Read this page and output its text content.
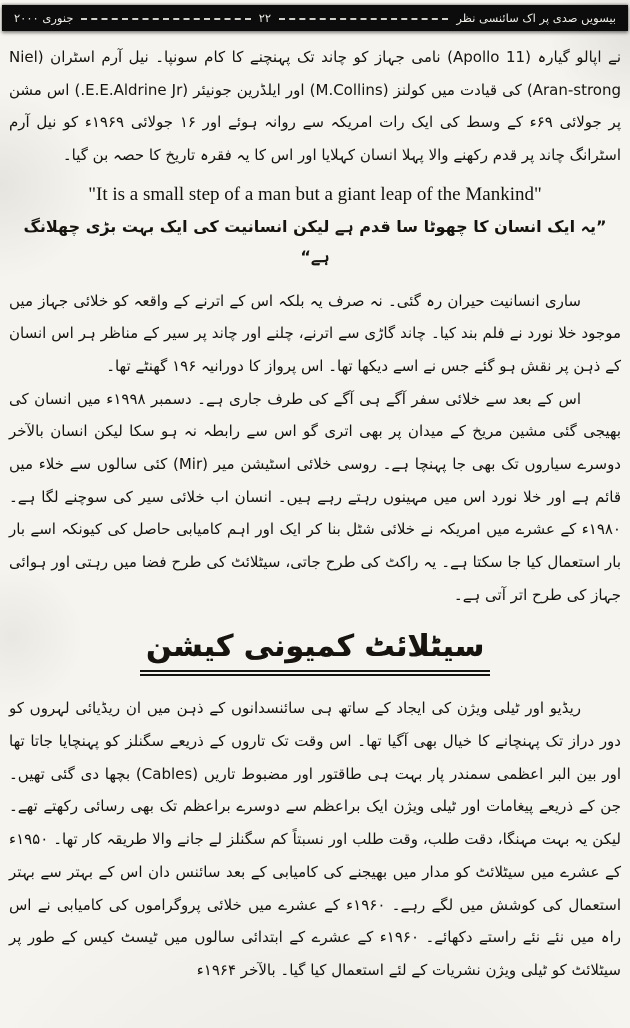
بیسویں صدی پر اک سائنسی نظر
۲۲
جنوری ۲۰۰۰

نے اپالو گیارہ (Apollo 11) نامی جہاز کو چاند تک پہنچنے کا کام سونپا۔ نیل آرم اسٹران (Niel Aran-strong) کی قیادت میں کولنز (M.Collins) اور ایلڈرین جونیئر (E.E.Aldrine Jr.) اس مشن پر جولائی ۶۹ء کے وسط کی ایک رات امریکہ سے روانہ ہوئے اور ۱۶ جولائی ۱۹۶۹ء کو نیل آرم اسٹرانگ چاند پر قدم رکھنے والا پہلا انسان کہلایا اور اس کا یہ فقرہ تاریخ کا حصہ بن گیا۔

"It is a small step of a man but a giant leap of the Mankind"

”یہ ایک انسان کا چھوٹا سا قدم ہے لیکن انسانیت کی ایک بہت بڑی چھلانگ ہے“

ساری انسانیت حیران رہ گئی۔ نہ صرف یہ بلکہ اس کے اترنے کے واقعہ کو خلائی جہاز میں موجود خلا نورد نے فلم بند کیا۔ چاند گاڑی سے اترنے، چلنے اور چاند پر سیر کے مناظر ہر اس انسان کے ذہن پر نقش ہو گئے جس نے اسے دیکھا تھا۔ اس پرواز کا دورانیہ ۱۹۶ گھنٹے تھا۔

اس کے بعد سے خلائی سفر آگے ہی آگے کی طرف جاری ہے۔ دسمبر ۱۹۹۸ء میں انسان کی بھیجی گئی مشین مریخ کے میدان پر بھی اتری گو اس سے رابطہ نہ ہو سکا لیکن انسان بالآخر دوسرے سیاروں تک بھی جا پہنچا ہے۔ روسی خلائی اسٹیشن میر (Mir) کئی سالوں سے خلاء میں قائم ہے اور خلا نورد اس میں مہینوں رہتے رہے ہیں۔ انسان اب خلائی سیر کی سوچنے لگا ہے۔ ۱۹۸۰ء کے عشرے میں امریکہ نے خلائی شٹل بنا کر ایک اور اہم کامیابی حاصل کی کیونکہ اسے بار بار استعمال کیا جا سکتا ہے۔ یہ راکٹ کی طرح جاتی، سیٹلائٹ کی طرح فضا میں رہتی اور ہوائی جہاز کی طرح اتر آتی ہے۔

سیٹلائٹ کمیونی کیشن

ریڈیو اور ٹیلی ویژن کی ایجاد کے ساتھ ہی سائنسدانوں کے ذہن میں ان ریڈیائی لہروں کو دور دراز تک پہنچانے کا خیال بھی آگیا تھا۔ اس وقت تک تاروں کے ذریعے سگنلز کو پہنچایا جاتا تھا اور بین البر اعظمی سمندر پار بہت ہی طاقتور اور مضبوط تاریں (Cables) بچھا دی گئی تھیں۔ جن کے ذریعے پیغامات اور ٹیلی ویژن ایک براعظم سے دوسرے براعظم تک بھی رسائی رکھتے تھے۔ لیکن یہ بہت مہنگا، دقت طلب، وقت طلب اور نسبتاً کم سگنلز لے جانے والا طریقہ کار تھا۔ ۱۹۵۰ء کے عشرے میں سیٹلائٹ کو مدار میں بھیجنے کی کامیابی کے بعد سائنس دان اس کے بہتر سے بہتر استعمال کی کوشش میں لگے رہے۔ ۱۹۶۰ء کے عشرے میں خلائی پروگراموں کی کامیابی نے اس راہ میں نئے نئے راستے دکھائے۔ ۱۹۶۰ء کے عشرے کے ابتدائی سالوں میں ٹیسٹ کیس کے طور پر سیٹلائٹ کو ٹیلی ویژن نشریات کے لئے استعمال کیا گیا۔ بالآخر ۱۹۶۴ء
